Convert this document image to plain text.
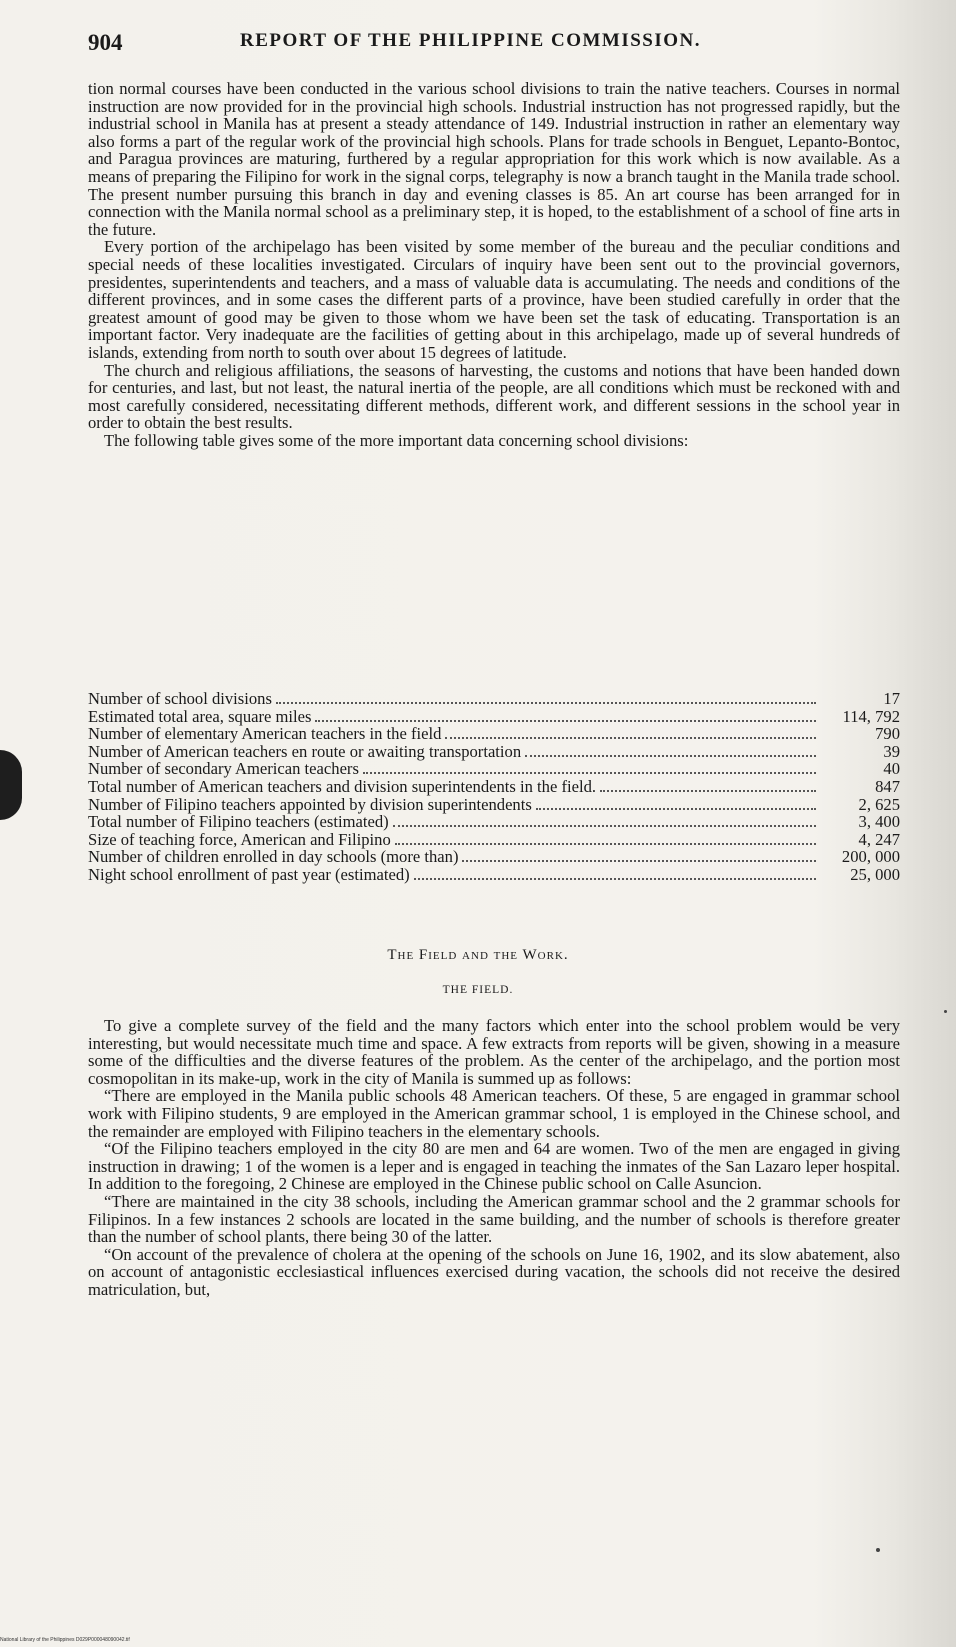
904	REPORT OF THE PHILIPPINE COMMISSION.

tion normal courses have been conducted in the various school divisions to train the native teachers. Courses in normal instruction are now provided for in the provincial high schools. Industrial instruction has not progressed rapidly, but the industrial school in Manila has at present a steady attendance of 149. Industrial instruction in rather an elementary way also forms a part of the regular work of the provincial high schools. Plans for trade schools in Benguet, Lepanto-Bontoc, and Paragua provinces are maturing, furthered by a regular appropriation for this work which is now available. As a means of preparing the Filipino for work in the signal corps, telegraphy is now a branch taught in the Manila trade school. The present number pursuing this branch in day and evening classes is 85. An art course has been arranged for in connection with the Manila normal school as a preliminary step, it is hoped, to the establishment of a school of fine arts in the future.

Every portion of the archipelago has been visited by some member of the bureau and the peculiar conditions and special needs of these localities investigated. Circulars of inquiry have been sent out to the provincial governors, presidentes, superintendents and teachers, and a mass of valuable data is accumulating. The needs and conditions of the different provinces, and in some cases the different parts of a province, have been studied carefully in order that the greatest amount of good may be given to those whom we have been set the task of educating. Transportation is an important factor. Very inadequate are the facilities of getting about in this archipelago, made up of several hundreds of islands, extending from north to south over about 15 degrees of latitude.

The church and religious affiliations, the seasons of harvesting, the customs and notions that have been handed down for centuries, and last, but not least, the natural inertia of the people, are all conditions which must be reckoned with and most carefully considered, necessitating different methods, different work, and different sessions in the school year in order to obtain the best results.

The following table gives some of the more important data concerning school divisions:

Number of school divisions	17
Estimated total area, square miles	114, 792
Number of elementary American teachers in the field	790
Number of American teachers en route or awaiting transportation	39
Number of secondary American teachers	40
Total number of American teachers and division superintendents in the field.	847
Number of Filipino teachers appointed by division superintendents	2, 625
Total number of Filipino teachers (estimated)	3, 400
Size of teaching force, American and Filipino	4, 247
Number of children enrolled in day schools (more than)	200, 000
Night school enrollment of past year (estimated)	25, 000
The Field and the Work.
THE FIELD.

To give a complete survey of the field and the many factors which enter into the school problem would be very interesting, but would necessitate much time and space. A few extracts from reports will be given, showing in a measure some of the difficulties and the diverse features of the problem. As the center of the archipelago, and the portion most cosmopolitan in its make-up, work in the city of Manila is summed up as follows:

“There are employed in the Manila public schools 48 American teachers. Of these, 5 are engaged in grammar school work with Filipino students, 9 are employed in the American grammar school, 1 is employed in the Chinese school, and the remainder are employed with Filipino teachers in the elementary schools.

“Of the Filipino teachers employed in the city 80 are men and 64 are women. Two of the men are engaged in giving instruction in drawing; 1 of the women is a leper and is engaged in teaching the inmates of the San Lazaro leper hospital. In addition to the foregoing, 2 Chinese are employed in the Chinese public school on Calle Asuncion.

“There are maintained in the city 38 schools, including the American grammar school and the 2 grammar schools for Filipinos. In a few instances 2 schools are located in the same building, and the number of schools is therefore greater than the number of school plants, there being 30 of the latter.

“On account of the prevalence of cholera at the opening of the schools on June 16, 1902, and its slow abatement, also on account of antagonistic ecclesiastical influences exercised during vacation, the schools did not receive the desired matriculation, but,

National Library of the Philippines D029P000048090042.tif
